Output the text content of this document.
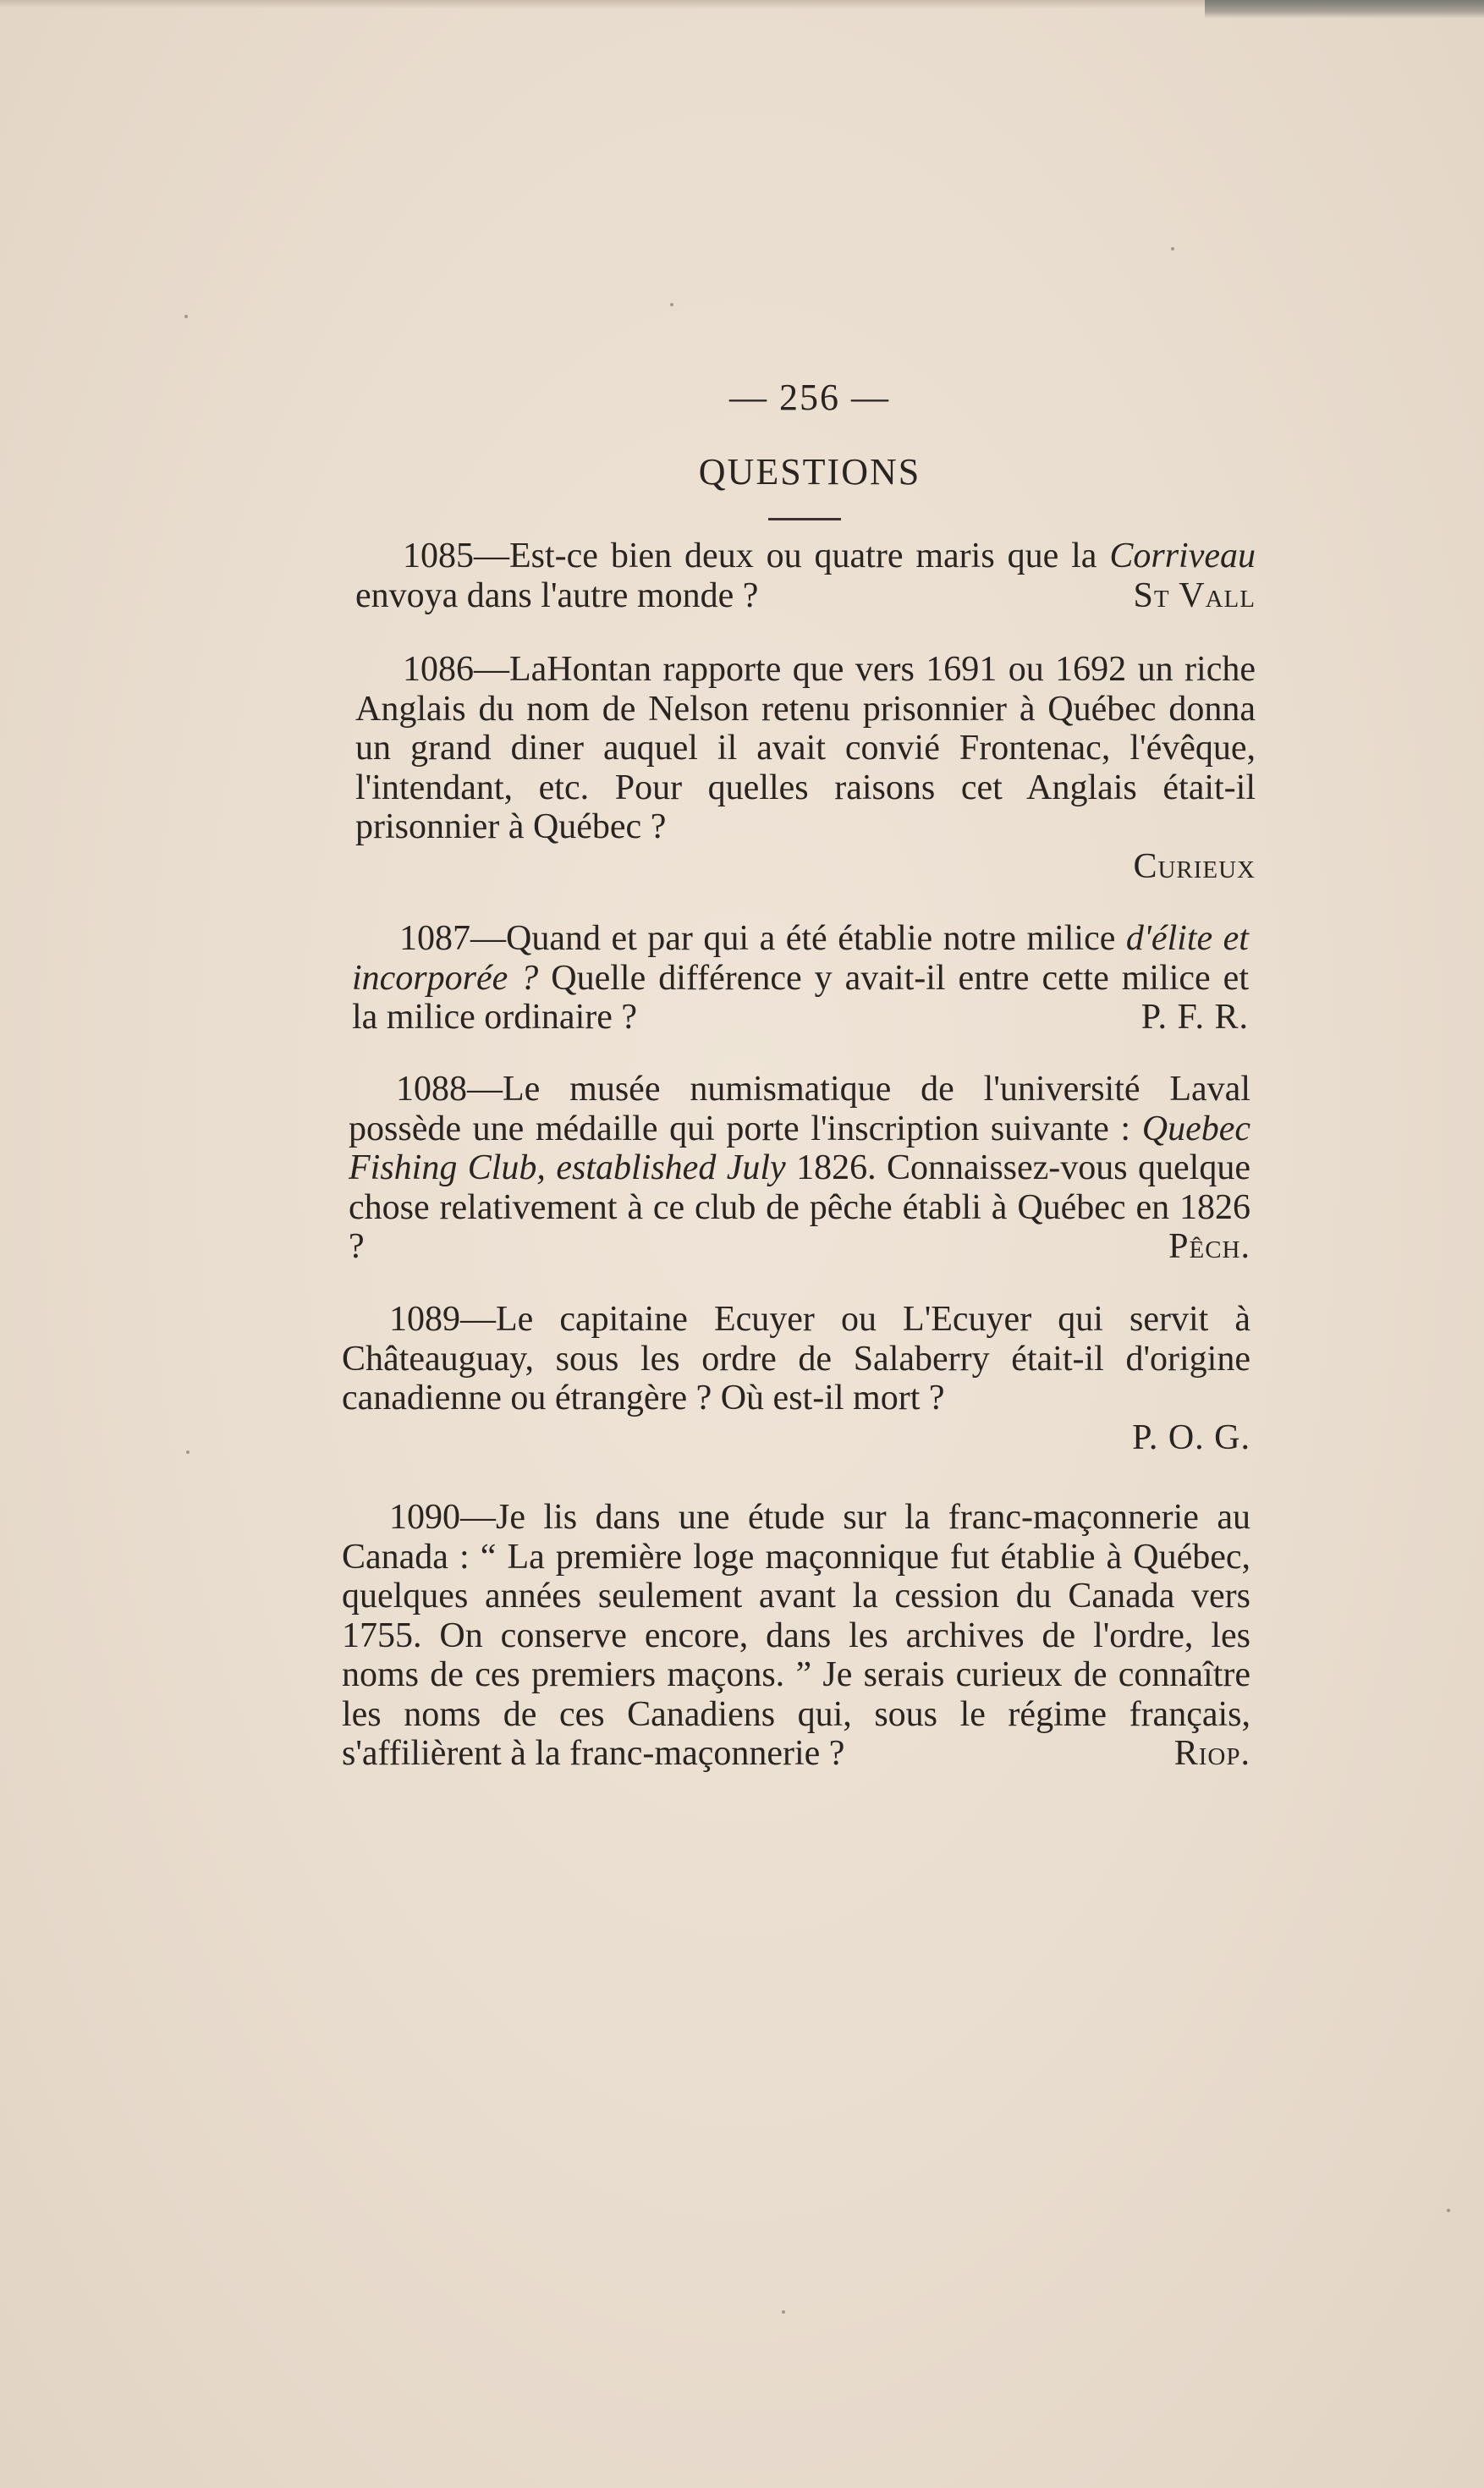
— 256 —
QUESTIONS

1085—Est-ce bien deux ou quatre maris que la Corriveau envoya dans l'autre monde ?	St Vall

1086—LaHontan rapporte que vers 1691 ou 1692 un riche Anglais du nom de Nelson retenu prisonnier à Québec donna un grand diner auquel il avait convié Frontenac, l'évêque, l'intendant, etc. Pour quelles raisons cet Anglais était-il prisonnier à Québec ?

Curieux

1087—Quand et par qui a été établie notre milice d'élite et incorporée ? Quelle différence y avait-il entre cette milice et la milice ordinaire ?	P. F. R.

1088—Le musée numismatique de l'université Laval possède une médaille qui porte l'inscription suivante : Quebec Fishing Club, established July 1826. Connaissez-vous quelque chose relativement à ce club de pêche établi à Québec en 1826 ?	Pêch.

1089—Le capitaine Ecuyer ou L'Ecuyer qui servit à Châteauguay, sous les ordre de Salaberry était-il d'origine canadienne ou étrangère ? Où est-il mort ?

P. O. G.

1090—Je lis dans une étude sur la franc-maçonnerie au Canada : “ La première loge maçonnique fut établie à Québec, quelques années seulement avant la cession du Canada vers 1755. On conserve encore, dans les archives de l'ordre, les noms de ces premiers maçons. ” Je serais curieux de connaître les noms de ces Canadiens qui, sous le régime français, s'affilièrent à la franc-maçonnerie ?	Riop.
